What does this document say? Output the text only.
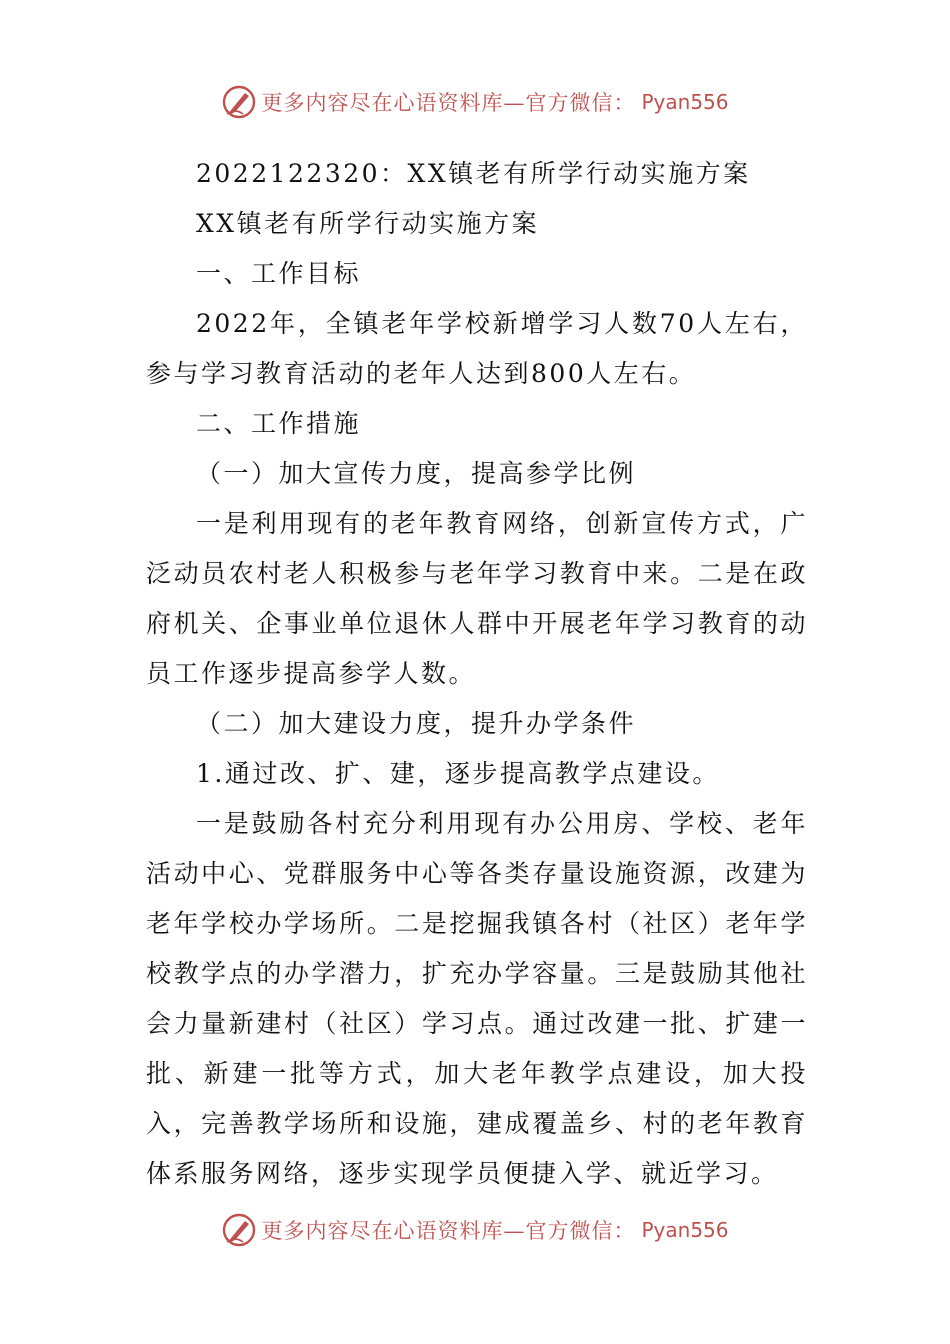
更多内容尽在心语资料库—官方微信： Pyan556

2022122320：XX镇老有所学行动实施方案

XX镇老有所学行动实施方案

一、工作目标

2022年，全镇老年学校新增学习人数70人左右，参与学习教育活动的老年人达到800人左右。

二、工作措施

（一）加大宣传力度，提高参学比例

一是利用现有的老年教育网络，创新宣传方式，广泛动员农村老人积极参与老年学习教育中来。二是在政府机关、企事业单位退休人群中开展老年学习教育的动员工作逐步提高参学人数。

（二）加大建设力度，提升办学条件

1.通过改、扩、建，逐步提高教学点建设。

一是鼓励各村充分利用现有办公用房、学校、老年活动中心、党群服务中心等各类存量设施资源，改建为老年学校办学场所。二是挖掘我镇各村（社区）老年学校教学点的办学潜力，扩充办学容量。三是鼓励其他社会力量新建村（社区）学习点。通过改建一批、扩建一批、新建一批等方式，加大老年教学点建设，加大投入，完善教学场所和设施，建成覆盖乡、村的老年教育体系服务网络，逐步实现学员便捷入学、就近学习。

更多内容尽在心语资料库—官方微信： Pyan556
